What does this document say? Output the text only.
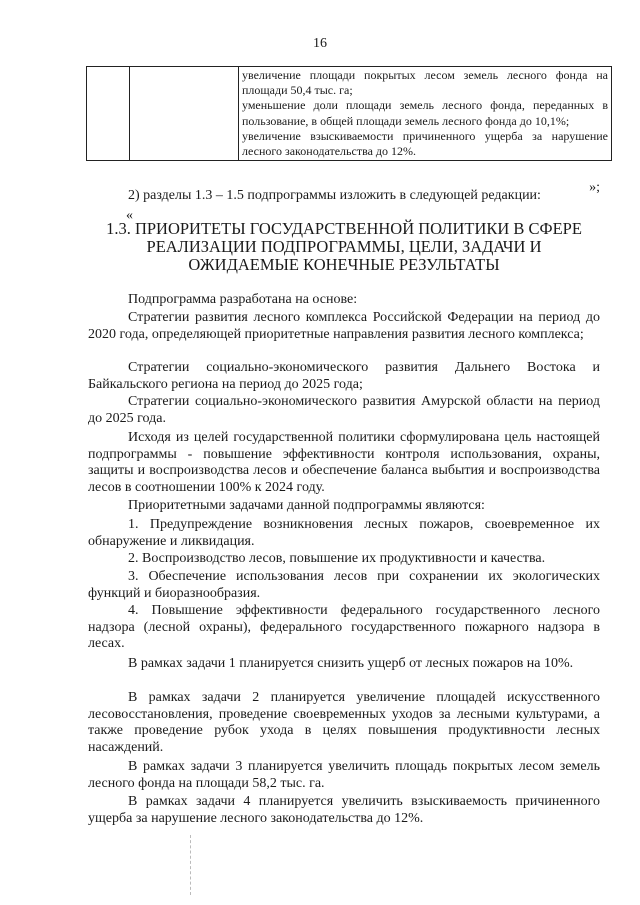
16

увеличение площади покрытых лесом земель лесного фонда на площади 50,4 тыс. га;
уменьшение доли площади земель лесного фонда, переданных в пользование, в общей площади земель лесного фонда до 10,1%;
увеличение взыскиваемости причиненного ущерба за нарушение лесного законодательства до 12%.
»;

2) разделы 1.3 – 1.5 подпрограммы изложить в следующей редакции:

«
1.3. ПРИОРИТЕТЫ ГОСУДАРСТВЕННОЙ ПОЛИТИКИ В СФЕРЕ РЕАЛИЗАЦИИ ПОДПРОГРАММЫ, ЦЕЛИ, ЗАДАЧИ И ОЖИДАЕМЫЕ КОНЕЧНЫЕ РЕЗУЛЬТАТЫ

Подпрограмма разработана на основе:

Стратегии развития лесного комплекса Российской Федерации на период до 2020 года, определяющей приоритетные направления развития лесного комплекса;

Стратегии социально-экономического развития Дальнего Востока и Байкальского региона на период до 2025 года;

Стратегии социально-экономического развития Амурской области на период до 2025 года.

Исходя из целей государственной политики сформулирована цель настоящей подпрограммы - повышение эффективности контроля использования, охраны, защиты и воспроизводства лесов и обеспечение баланса выбытия и воспроизводства лесов в соотношении 100% к 2024 году.

Приоритетными задачами данной подпрограммы являются:

1. Предупреждение возникновения лесных пожаров, своевременное их обнаружение и ликвидация.

2. Воспроизводство лесов, повышение их продуктивности и качества.

3. Обеспечение использования лесов при сохранении их экологических функций и биоразнообразия.

4. Повышение эффективности федерального государственного лесного надзора (лесной охраны), федерального государственного пожарного надзора в лесах.

В рамках задачи 1 планируется снизить ущерб от лесных пожаров на 10%.

В рамках задачи 2 планируется увеличение площадей искусственного лесовосстановления, проведение своевременных уходов за лесными культурами, а также проведение рубок ухода в целях повышения продуктивности лесных насаждений.

В рамках задачи 3 планируется увеличить площадь покрытых лесом земель лесного фонда на площади 58,2 тыс. га.

В рамках задачи 4 планируется увеличить взыскиваемость причиненного ущерба за нарушение лесного законодательства до 12%.
